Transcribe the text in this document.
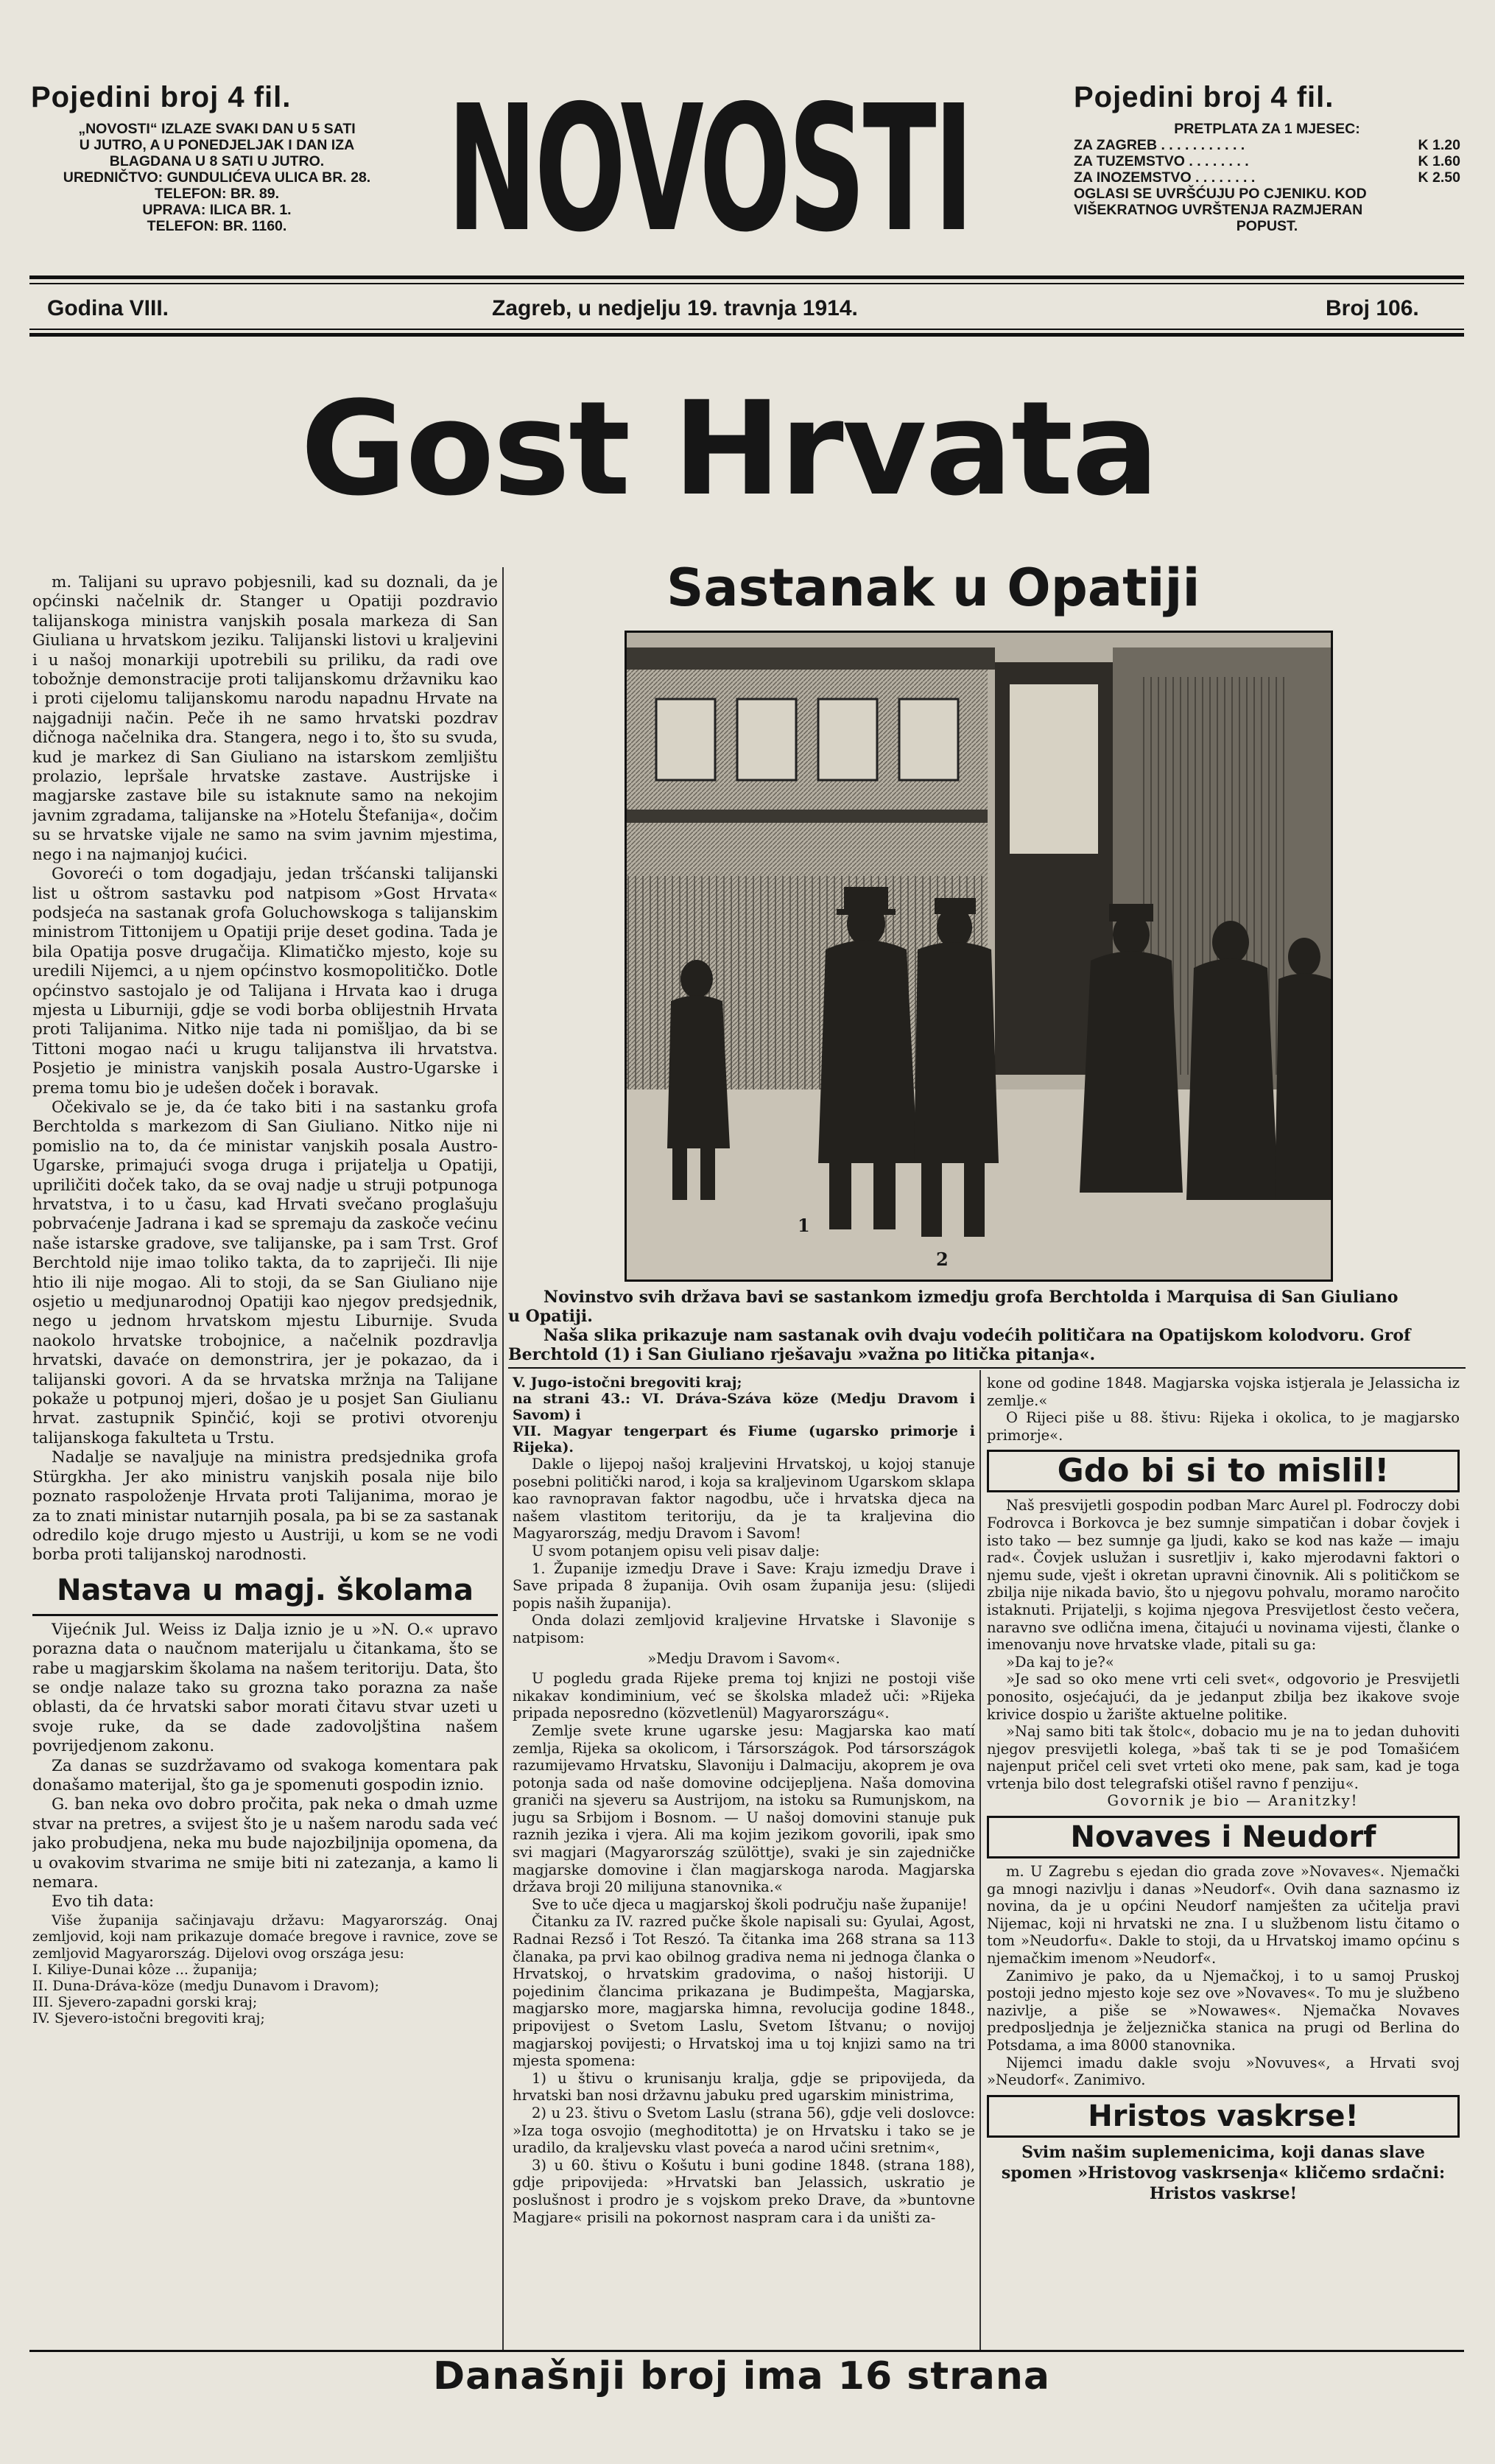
Pojedini broj 4 fil.
„NOVOSTI“ IZLAZE SVAKI DAN U 5 SATI
U JUTRO, A U PONEDJELJAK I DAN IZA
BLAGDANA U 8 SATI U JUTRO.
UREDNIČTVO: GUNDULIĆEVA ULICA BR. 28.
TELEFON: BR. 89.
UPRAVA: ILICA BR. 1.
TELEFON: BR. 1160. NOVOSTI	Pojedini broj 4 fil.
PRETPLATA ZA 1 MJESEC:
ZA ZAGREB . . . . . . . . . . .	K 1.20
ZA TUZEMSTVO . . . . . . . .	K 1.60
ZA INOZEMSTVO . . . . . . . .	K 2.50
OGLASI SE UVRŠĆUJU PO CJENIKU. KOD
VIŠEKRATNOG UVRŠTENJA RAZMJERAN
POPUST.
Godina VIII.	Zagreb, u nedjelju 19. travnja 1914.	Broj 106.
Gost Hrvata
Sastanak u Opatiji
1
2
Novinstvo svih država bavi se sastankom izmedju grofa Berchtolda i Marquisa di San Giuliano
u Opatiji.
Naša slika prikazuje nam sastanak ovih dvaju vodećih političara na Opatijskom kolodvoru. Grof
Berchtold (1) i San Giuliano rješavaju »važna po litička pitanja«.

m. Talijani su upravo pobjesnili, kad su doznali, da je općinski načelnik dr. Stanger u Opatiji pozdravio talijanskoga ministra vanjskih posala markeza di San Giuliana u hrvatskom jeziku. Talijanski listovi u kraljevini i u našoj monarkiji upotrebili su priliku, da radi ove tobožnje demonstracije proti talijanskomu državniku kao i proti cijelomu talijanskomu narodu napadnu Hrvate na najgadniji način. Peče ih ne samo hrvatski pozdrav dičnoga načelnika dra. Stangera, nego i to, što su svuda, kud je markez di San Giuliano na istarskom zemljištu prolazio, lepršale hrvatske zastave. Austrijske i magjarske zastave bile su istaknute samo na nekojim javnim zgradama, talijanske na »Hotelu Štefanija«, dočim su se hrvatske vijale ne samo na svim javnim mjestima, nego i na najmanjoj kućici.

Govoreći o tom dogadjaju, jedan tršćanski talijanski list u oštrom sastavku pod natpisom »Gost Hrvata« podsjeća na sastanak grofa Goluchowskoga s talijanskim ministrom Tittonijem u Opatiji prije deset godina. Tada je bila Opatija posve drugačija. Klimatičko mjesto, koje su uredili Nijemci, a u njem općinstvo kosmopolitičko. Dotle općinstvo sastojalo je od Talijana i Hrvata kao i druga mjesta u Liburniji, gdje se vodi borba oblijestnih Hrvata proti Talijanima. Nitko nije tada ni pomišljao, da bi se Tittoni mogao naći u krugu talijanstva ili hrvatstva. Posjetio je ministra vanjskih posala Austro-Ugarske i prema tomu bio je udešen doček i boravak.

Očekivalo se je, da će tako biti i na sastanku grofa Berchtolda s markezom di San Giuliano. Nitko nije ni pomislio na to, da će ministar vanjskih posala Austro-Ugarske, primajući svoga druga i prijatelja u Opatiji, upriličiti doček tako, da se ovaj nadje u struji potpunoga hrvatstva, i to u času, kad Hrvati svečano proglašuju pobrvaćenje Jadrana i kad se spremaju da zaskoče većinu naše istarske gradove, sve talijanske, pa i sam Trst. Grof Berchtold nije imao toliko takta, da to zapriječi. Ili nije htio ili nije mogao. Ali to stoji, da se San Giuliano nije osjetio u medjunarodnoj Opatiji kao njegov predsjednik, nego u jednom hrvatskom mjestu Liburnije. Svuda naokolo hrvatske trobojnice, a načelnik pozdravlja hrvatski, davaće on demonstrira, jer je pokazao, da i talijanski govori. A da se hrvatska mržnja na Talijane pokaže u potpunoj mjeri, došao je u posjet San Giulianu hrvat. zastupnik Spinčić, koji se protivi otvorenju talijanskoga fakulteta u Trstu.

Nadalje se navaljuje na ministra predsjednika grofa Stürgkha. Jer ako ministru vanjskih posala nije bilo poznato raspoloženje Hrvata proti Talijanima, morao je za to znati ministar nutarnjih posala, pa bi se za sastanak odredilo koje drugo mjesto u Austriji, u kom se ne vodi borba proti talijanskoj narodnosti.

Nastava u magj. školama

Vijećnik Jul. Weiss iz Dalja iznio je u »N. O.« upravo porazna data o naučnom materijalu u čitankama, što se rabe u magjarskim školama na našem teritoriju. Data, što se ondje nalaze tako su grozna tako porazna za naše oblasti, da će hrvatski sabor morati čitavu stvar uzeti u svoje ruke, da se dade zadovoljština našem povrijedjenom zakonu.

Za danas se suzdržavamo od svakoga komentara pak donašamo materijal, što ga je spomenuti gospodin iznio.

G. ban neka ovo dobro pročita, pak neka o dmah uzme stvar na pretres, a svijest što je u našem narodu sada već jako probudjena, neka mu bude najozbiljnija opomena, da u ovakovim stvarima ne smije biti ni zatezanja, a kamo li nemara.

Evo tih data:

Više županija sačinjavaju državu: Magyarország. Onaj zemljovid, koji nam prikazuje domaće bregove i ravnice, zove se zemljovid Magyarország. Dijelovi ovog országa jesu:

I. Kiliye-Dunai kôze ... županija;
II. Duna-Dráva-köze (medju Dunavom i Dravom);
III. Sjevero-zapadni gorski kraj;
IV. Sjevero-istočni bregoviti kraj;
V. Jugo-istočni bregoviti kraj;
na strani 43.: VI. Dráva-Száva köze (Medju Dravom i Savom) i
VII. Magyar tengerpart és Fiume (ugarsko primorje i Rijeka).

Dakle o lijepoj našoj kraljevini Hrvatskoj, u kojoj stanuje posebni politički narod, i koja sa kraljevinom Ugarskom sklapa kao ravnopravan faktor nagodbu, uče i hrvatska djeca na našem vlastitom teritoriju, da je ta kraljevina dio Magyarország, medju Dravom i Savom!

U svom potanjem opisu veli pisav dalje:

1. Županije izmedju Drave i Save: Kraju izmedju Drave i Save pripada 8 županija. Ovih osam županija jesu: (slijedi popis naših županija).

Onda dolazi zemljovid kraljevine Hrvatske i Slavonije s natpisom:

»Medju Dravom i Savom«.

U pogledu grada Rijeke prema toj knjizi ne postoji više nikakav kondiminium, već se školska mladež uči: »Rijeka pripada neposredno (közvetlenül) Magyarországu«.

Zemlje svete krune ugarske jesu: Magjarska kao matí zemlja, Rijeka sa okolicom, i Társországok. Pod társországok razumijevamo Hrvatsku, Slavoniju i Dalmaciju, akoprem je ova potonja sada od naše domovine odcijepljena. Naša domovina graniči na sjeveru sa Austrijom, na istoku sa Rumunjskom, na jugu sa Srbijom i Bosnom. — U našoj domovini stanuje puk raznih jezika i vjera. Ali ma kojim jezikom govorili, ipak smo svi magjari (Magyarország szülöttje), svaki je sin zajedničke magjarske domovine i član magjarskoga naroda. Magjarska država broji 20 milijuna stanovnika.«

Sve to uče djeca u magjarskoj školi području naše županije!

Čitanku za IV. razred pučke škole napisali su: Gyulai, Agost, Radnai Rezső i Tot Reszó. Ta čitanka ima 268 strana sa 113 članaka, pa prvi kao obilnog gradiva nema ni jednoga članka o Hrvatskoj, o hrvatskim gradovima, o našoj historiji. U pojedinim člancima prikazana je Budimpešta, Magjarska, magjarsko more, magjarska himna, revolucija godine 1848., pripovijest o Svetom Laslu, Svetom Ištvanu; o novijoj magjarskoj povijesti; o Hrvatskoj ima u toj knjizi samo na tri mjesta spomena:

1) u štivu o krunisanju kralja, gdje se pripovijeda, da hrvatski ban nosi državnu jabuku pred ugarskim ministrima,

2) u 23. štivu o Svetom Laslu (strana 56), gdje veli doslovce: »Iza toga osvojio (meghoditotta) je on Hrvatsku i tako se je uradilo, da kraljevsku vlast poveća a narod učini sretnim«,

3) u 60. štivu o Košutu i buni godine 1848. (strana 188), gdje pripovijeda: »Hrvatski ban Jelassich, uskratio je poslušnost i prodro je s vojskom preko Drave, da »buntovne Magjare« prisili na pokornost naspram cara i da uništi za-

kone od godine 1848. Magjarska vojska istjerala je Jelassicha iz zemlje.«

O Rijeci piše u 88. štivu: Rijeka i okolica, to je magjarsko primorje«.

Gdo bi si to mislil!

Naš presvijetli gospodin podban Marc Aurel pl. Fodroczy dobi Fodrovca i Borkovca je bez sumnje simpatičan i dobar čovjek i isto tako — bez sumnje ga ljudi, kako se kod nas kaže — imaju rad«. Čovjek uslužan i susretljiv i, kako mjerodavni faktori o njemu sude, vješt i okretan upravni činovnik. Ali s političkom se zbilja nije nikada bavio, što u njegovu pohvalu, moramo naročito istaknuti. Prijatelji, s kojima njegova Presvijetlost često večera, naravno sve odlična imena, čitajući u novinama vijesti, članke o imenovanju nove hrvatske vlade, pitali su ga:

»Da kaj to je?«

»Je sad so oko mene vrti celi svet«, odgovorio je Presvijetli ponosito, osjećajući, da je jedanput zbilja bez ikakove svoje krivice dospio u žarište aktuelne politike.

»Naj samo biti tak štolc«, dobacio mu je na to jedan duhoviti njegov presvijetli kolega, »baš tak ti se je pod Tomašićem najenput pričel celi svet vrteti oko mene, pak sam, kad je toga vrtenja bilo dost telegrafski otišel ravno f penziju«.

Govornik je bio — Aranitzky!

Novaves i Neudorf

m. U Zagrebu s ejedan dio grada zove »Novaves«. Njemački ga mnogi nazivlju i danas »Neudorf«. Ovih dana saznasmo iz novina, da je u općini Neudorf namješten za učitelja pravi Nijemac, koji ni hrvatski ne zna. I u službenom listu čitamo o tom »Neudorfu«. Dakle to stoji, da u Hrvatskoj imamo općinu s njemačkim imenom »Neudorf«.

Zanimivo je pako, da u Njemačkoj, i to u samoj Pruskoj postoji jedno mjesto koje sez ove »Novaves«. To mu je službeno nazivlje, a piše se »Nowawes«. Njemačka Novaves predposljednja je željeznička stanica na prugi od Berlina do Potsdama, a ima 8000 stanovnika.

Nijemci imadu dakle svoju »Novuves«, a Hrvati svoj »Neudorf«. Zanimivo.

Hristos vaskrse!
Svim našim suplemenicima, koji danas slave
spomen »Hristovog vaskrsenja« kličemo srdačni:
Hristos vaskrse!
Današnji broj ima 16 strana
